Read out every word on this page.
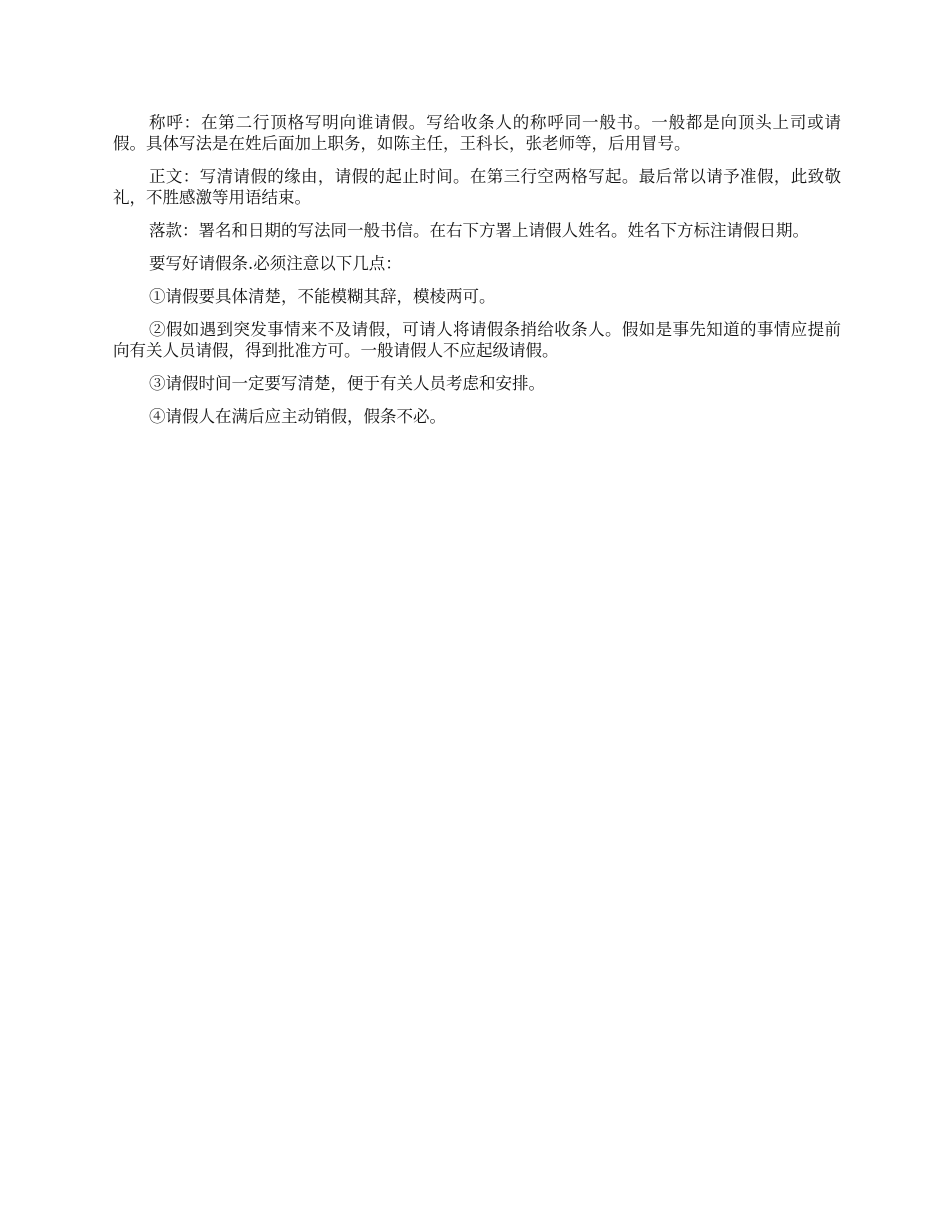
称呼：在第二行顶格写明向谁请假。写给收条人的称呼同一般书。一般都是向顶头上司或请假。具体写法是在姓后面加上职务，如陈主任，王科长，张老师等，后用冒号。

正文：写清请假的缘由，请假的起止时间。在第三行空两格写起。最后常以请予准假，此致敬礼，不胜感激等用语结束。

落款：署名和日期的写法同一般书信。在右下方署上请假人姓名。姓名下方标注请假日期。

要写好请假条.必须注意以下几点：

①请假要具体清楚，不能模糊其辞，模棱两可。

②假如遇到突发事情来不及请假，可请人将请假条捎给收条人。假如是事先知道的事情应提前向有关人员请假，得到批准方可。一般请假人不应起级请假。

③请假时间一定要写清楚，便于有关人员考虑和安排。

④请假人在满后应主动销假，假条不必。
